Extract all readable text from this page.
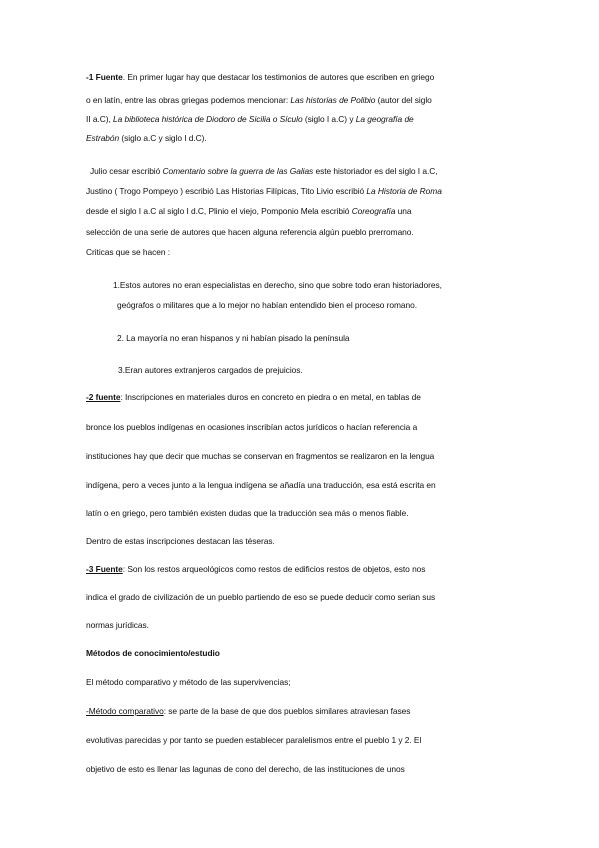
-1 Fuente. En primer lugar hay que destacar los testimonios de autores que escriben en griego
o en latín, entre las obras griegas podemos mencionar: Las historias de Polibio (autor del siglo
II a.C), La biblioteca histórica de Diodoro de Sicilia o Sículo (siglo I a.C) y La geografía de
Estrabón (siglo a.C y siglo I d.C).
Julio cesar escribió Comentario sobre la guerra de las Galias este historiador es del siglo I a.C,
Justino ( Trogo Pompeyo ) escribió Las Historias Filípicas, Tito Livio escribió La Historia de Roma
desde el siglo I a.C al siglo I d.C, Plinio el viejo, Pomponio Mela escribió Coreografía una
selección de una serie de autores que hacen alguna referencia algún pueblo prerromano.
Criticas que se hacen :
1.Estos autores no eran especialistas en derecho, sino que sobre todo eran historiadores,
geógrafos o militares que a lo mejor no habían entendido bien el proceso romano.
2. La mayoría no eran hispanos y ni habían pisado la península
3.Eran autores extranjeros cargados de prejuicios.
-2 fuente: Inscripciones en materiales duros en concreto en piedra o en metal, en tablas de
bronce los pueblos indígenas en ocasiones inscribían actos jurídicos o hacían referencia a
instituciones hay que decir que muchas se conservan en fragmentos se realizaron en la lengua
indígena, pero a veces junto a la lengua indígena se añadía una traducción, esa está escrita en
latín o en griego, pero también existen dudas que la traducción sea más o menos fiable.
Dentro de estas inscripciones destacan las téseras.
-3 Fuente: Son los restos arqueológicos como restos de edificios restos de objetos, esto nos
indica el grado de civilización de un pueblo partiendo de eso se puede deducir como serian sus
normas jurídicas.
Métodos de conocimiento/estudio
El método comparativo y método de las supervivencias;
-Método comparativo: se parte de la base de que dos pueblos similares atraviesan fases
evolutivas parecidas y por tanto se pueden establecer paralelismos entre el pueblo 1 y 2. El
objetivo de esto es llenar las lagunas de cono del derecho, de las instituciones de unos
